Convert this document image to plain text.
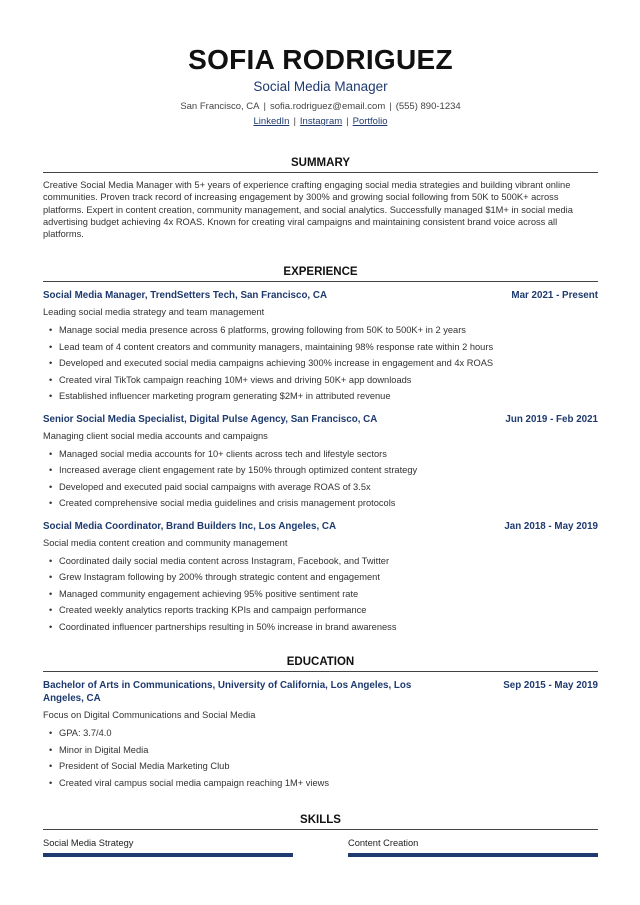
SOFIA RODRIGUEZ
Social Media Manager
San Francisco, CA | sofia.rodriguez@email.com | (555) 890-1234
LinkedIn | Instagram | Portfolio
SUMMARY
Creative Social Media Manager with 5+ years of experience crafting engaging social media strategies and building vibrant online communities. Proven track record of increasing engagement by 300% and growing social following from 50K to 500K+ across platforms. Expert in content creation, community management, and social analytics. Successfully managed $1M+ in social media advertising budget achieving 4x ROAS. Known for creating viral campaigns and maintaining consistent brand voice across all platforms.
EXPERIENCE
Social Media Manager, TrendSetters Tech, San Francisco, CA	Mar 2021 - Present
Leading social media strategy and team management
• Manage social media presence across 6 platforms, growing following from 50K to 500K+ in 2 years
• Lead team of 4 content creators and community managers, maintaining 98% response rate within 2 hours
• Developed and executed social media campaigns achieving 300% increase in engagement and 4x ROAS
• Created viral TikTok campaign reaching 10M+ views and driving 50K+ app downloads
• Established influencer marketing program generating $2M+ in attributed revenue
Senior Social Media Specialist, Digital Pulse Agency, San Francisco, CA	Jun 2019 - Feb 2021
Managing client social media accounts and campaigns
• Managed social media accounts for 10+ clients across tech and lifestyle sectors
• Increased average client engagement rate by 150% through optimized content strategy
• Developed and executed paid social campaigns with average ROAS of 3.5x
• Created comprehensive social media guidelines and crisis management protocols
Social Media Coordinator, Brand Builders Inc, Los Angeles, CA	Jan 2018 - May 2019
Social media content creation and community management
• Coordinated daily social media content across Instagram, Facebook, and Twitter
• Grew Instagram following by 200% through strategic content and engagement
• Managed community engagement achieving 95% positive sentiment rate
• Created weekly analytics reports tracking KPIs and campaign performance
• Coordinated influencer partnerships resulting in 50% increase in brand awareness
EDUCATION
Bachelor of Arts in Communications, University of California, Los Angeles, Los Angeles, CA
Sep 2015 - May 2019
Focus on Digital Communications and Social Media
• GPA: 3.7/4.0
• Minor in Digital Media
• President of Social Media Marketing Club
• Created viral campus social media campaign reaching 1M+ views
SKILLS
Social Media Strategy	Content Creation
